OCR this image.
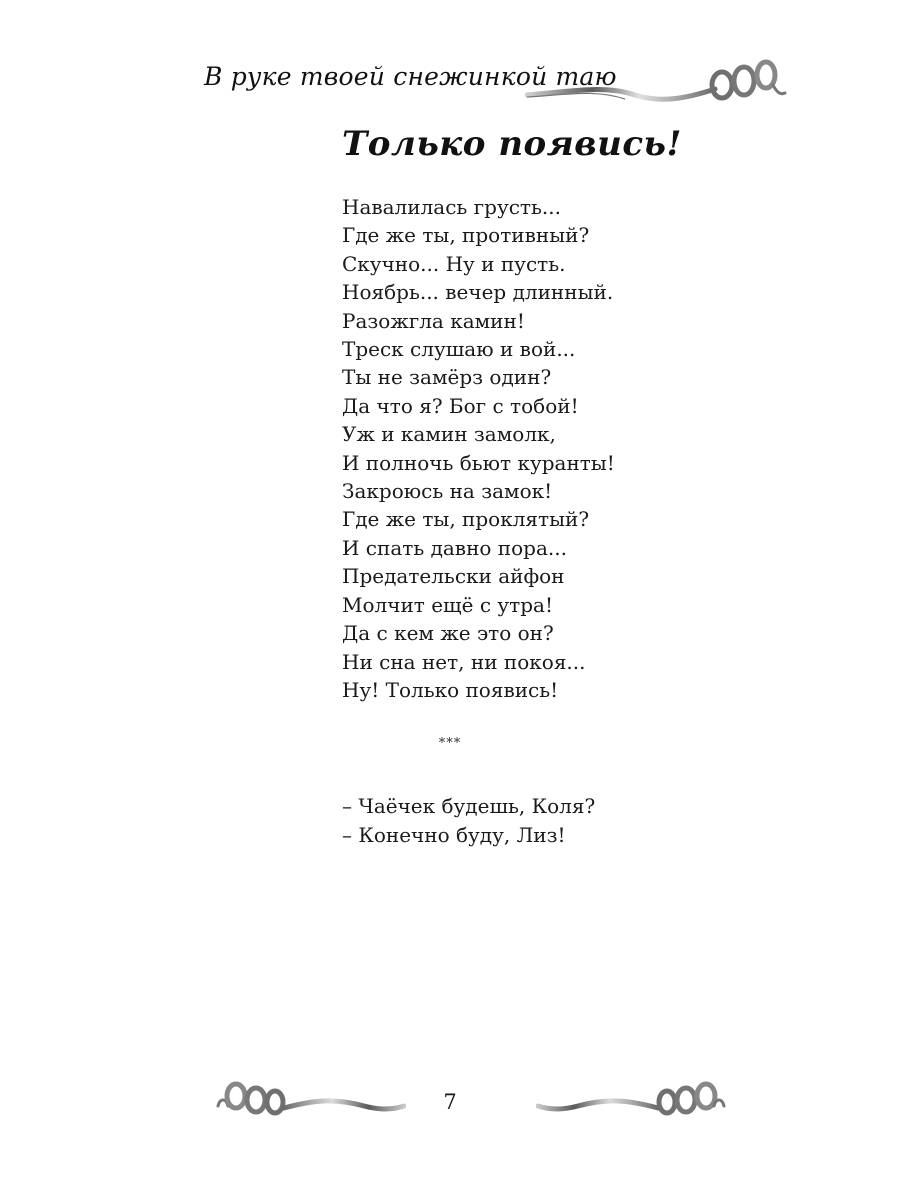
В руке твоей снежинкой таю
Только появись!
Навалилась грусть...
Где же ты, противный?
Скучно... Ну и пусть.
Ноябрь... вечер длинный.
Разожгла камин!
Треск слушаю и вой...
Ты не замёрз один?
Да что я? Бог с тобой!
Уж и камин замолк,
И полночь бьют куранты!
Закроюсь на замок!
Где же ты, проклятый?
И спать давно пора...
Предательски айфон
Молчит ещё с утра!
Да с кем же это он?
Ни сна нет, ни покоя...
Ну! Только появись!
***
– Чаёчек будешь, Коля?
– Конечно буду, Лиз!
7
